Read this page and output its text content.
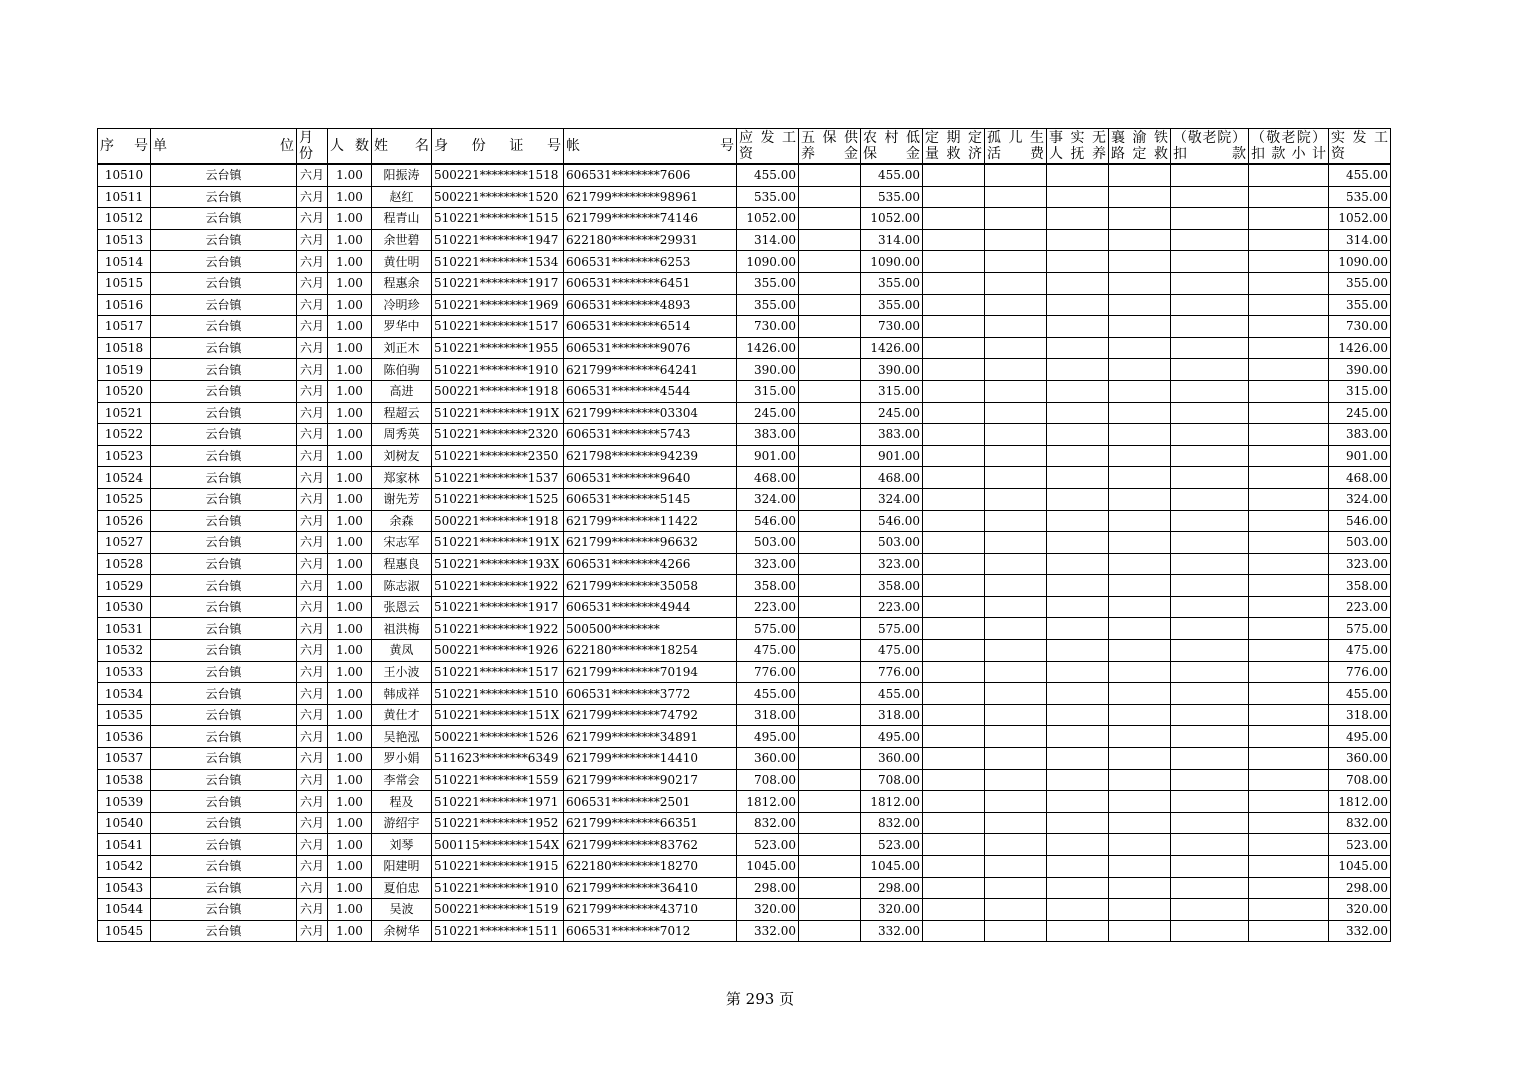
序 号	单 位	月份	人 数	姓 名	身 份 证 号	帐 号	应 发 工 资	五 保 供 养 金	农 村 低 保 金	定 期 定 量 救 济	孤 儿 生 活 费	事 实 无 人 抚 养	襄 渝 铁 路 定 救	（敬老院） 扣 款	（敬老院） 扣 款 小 计	实 发 工 资
10510	云台镇	六月	1.00	阳振涛	500221********1518	606531********7606	455.00		455.00							455.00
10511	云台镇	六月	1.00	赵红	500221********1520	621799********98961	535.00		535.00							535.00
10512	云台镇	六月	1.00	程青山	510221********1515	621799********74146	1052.00		1052.00							1052.00
10513	云台镇	六月	1.00	余世碧	510221********1947	622180********29931	314.00		314.00							314.00
10514	云台镇	六月	1.00	黄仕明	510221********1534	606531********6253	1090.00		1090.00							1090.00
10515	云台镇	六月	1.00	程惠余	510221********1917	606531********6451	355.00		355.00							355.00
10516	云台镇	六月	1.00	冷明珍	510221********1969	606531********4893	355.00		355.00							355.00
10517	云台镇	六月	1.00	罗华中	510221********1517	606531********6514	730.00		730.00							730.00
10518	云台镇	六月	1.00	刘正木	510221********1955	606531********9076	1426.00		1426.00							1426.00
10519	云台镇	六月	1.00	陈伯驹	510221********1910	621799********64241	390.00		390.00							390.00
10520	云台镇	六月	1.00	高进	500221********1918	606531********4544	315.00		315.00							315.00
10521	云台镇	六月	1.00	程超云	510221********191X	621799********03304	245.00		245.00							245.00
10522	云台镇	六月	1.00	周秀英	510221********2320	606531********5743	383.00		383.00							383.00
10523	云台镇	六月	1.00	刘树友	510221********2350	621798********94239	901.00		901.00							901.00
10524	云台镇	六月	1.00	郑家林	510221********1537	606531********9640	468.00		468.00							468.00
10525	云台镇	六月	1.00	谢先芳	510221********1525	606531********5145	324.00		324.00							324.00
10526	云台镇	六月	1.00	余森	500221********1918	621799********11422	546.00		546.00							546.00
10527	云台镇	六月	1.00	宋志军	510221********191X	621799********96632	503.00		503.00							503.00
10528	云台镇	六月	1.00	程惠良	510221********193X	606531********4266	323.00		323.00							323.00
10529	云台镇	六月	1.00	陈志淑	510221********1922	621799********35058	358.00		358.00							358.00
10530	云台镇	六月	1.00	张恩云	510221********1917	606531********4944	223.00		223.00							223.00
10531	云台镇	六月	1.00	祖洪梅	510221********1922	500500********	575.00		575.00							575.00
10532	云台镇	六月	1.00	黄凤	500221********1926	622180********18254	475.00		475.00							475.00
10533	云台镇	六月	1.00	王小波	510221********1517	621799********70194	776.00		776.00							776.00
10534	云台镇	六月	1.00	韩成祥	510221********1510	606531********3772	455.00		455.00							455.00
10535	云台镇	六月	1.00	黄仕才	510221********151X	621799********74792	318.00		318.00							318.00
10536	云台镇	六月	1.00	吴艳泓	500221********1526	621799********34891	495.00		495.00							495.00
10537	云台镇	六月	1.00	罗小娟	511623********6349	621799********14410	360.00		360.00							360.00
10538	云台镇	六月	1.00	李常会	510221********1559	621799********90217	708.00		708.00							708.00
10539	云台镇	六月	1.00	程及	510221********1971	606531********2501	1812.00		1812.00							1812.00
10540	云台镇	六月	1.00	游绍宇	510221********1952	621799********66351	832.00		832.00							832.00
10541	云台镇	六月	1.00	刘琴	500115********154X	621799********83762	523.00		523.00							523.00
10542	云台镇	六月	1.00	阳建明	510221********1915	622180********18270	1045.00		1045.00							1045.00
10543	云台镇	六月	1.00	夏伯忠	510221********1910	621799********36410	298.00		298.00							298.00
10544	云台镇	六月	1.00	吴波	500221********1519	621799********43710	320.00		320.00							320.00
10545	云台镇	六月	1.00	余树华	510221********1511	606531********7012	332.00		332.00							332.00
第 293 页
